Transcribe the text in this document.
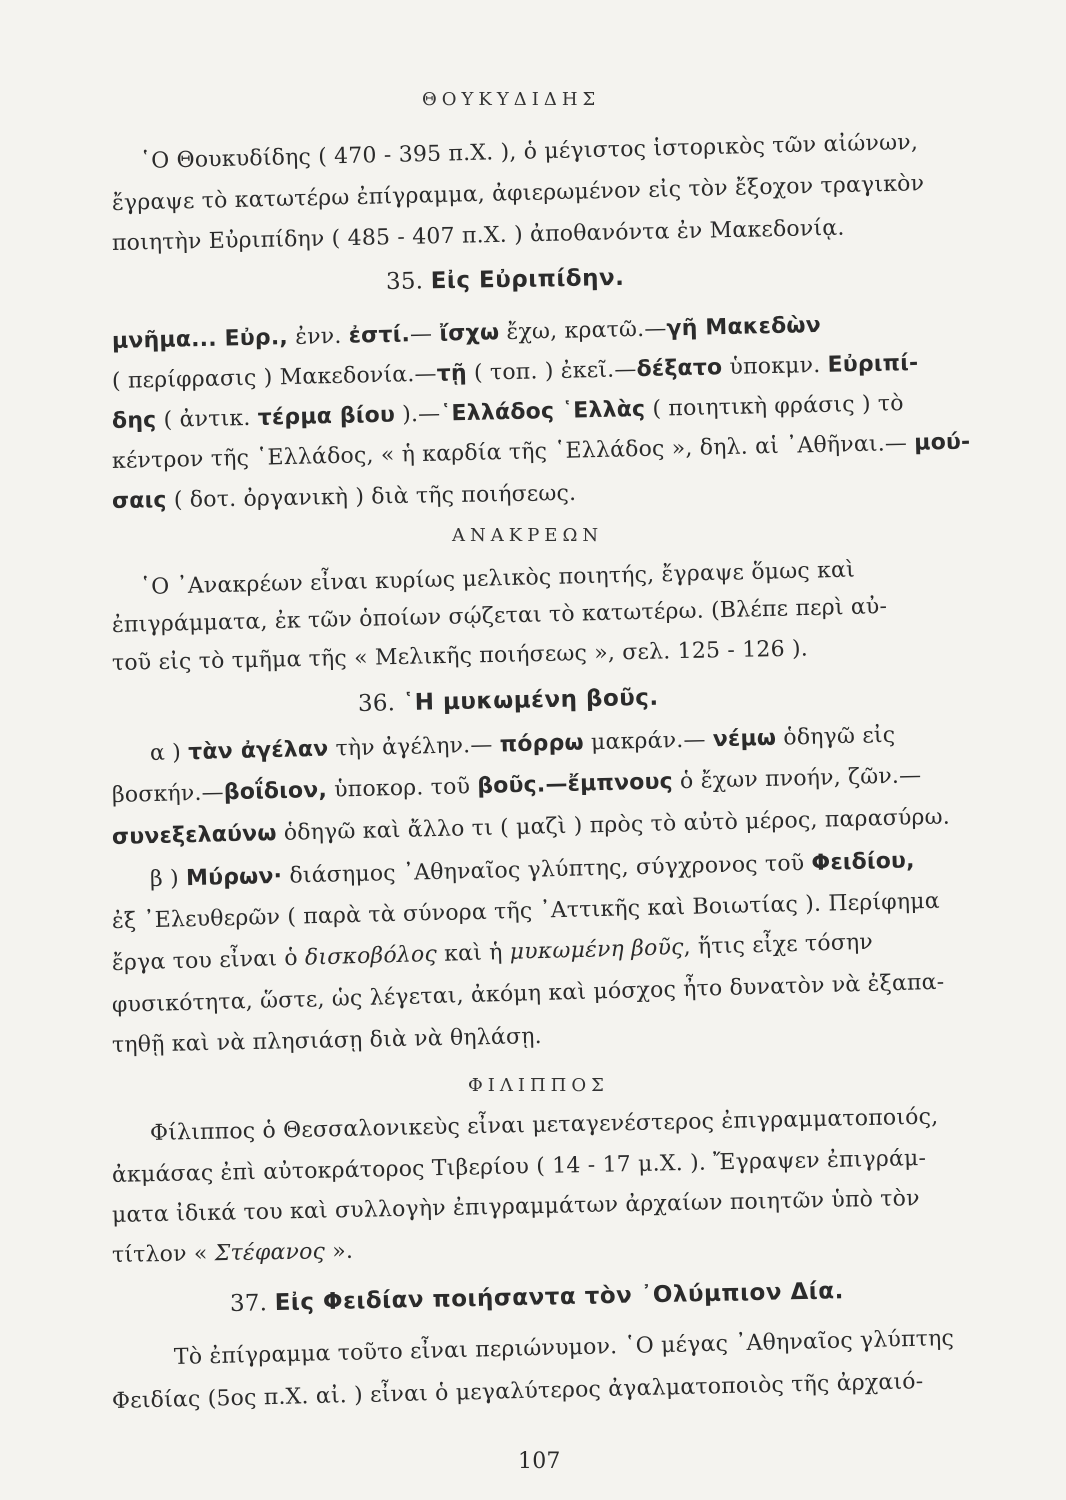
ΘΟΥΚΥΔΙΔΗΣ

῾Ο Θουκυδίδης ( 470 - 395 π.Χ. ), ὁ μέγιστος ἱστορικὸς τῶν αἰώνων,

ἔγραψε τὸ κατωτέρω ἐπίγραμμα, ἀφιερωμένον εἰς τὸν ἔξοχον τραγικὸν

ποιητὴν Εὐριπίδην ( 485 - 407 π.Χ. ) ἀποθανόντα ἐν Μακεδονίᾳ.

35. Εἰς Εὐριπίδην.

μνῆμα... Εὐρ., ἐνν. ἐστί.— ἴσχω ἔχω, κρατῶ.—γῆ Μακεδὼν

( περίφρασις ) Μακεδονία.—τῇ ( τοπ. ) ἐκεῖ.—δέξατο ὑποκμν. Εὐριπί-

δης ( ἀντικ. τέρμα βίου ).—῾Ελλάδος ῾Ελλὰς ( ποιητικὴ φράσις ) τὸ

κέντρον τῆς ῾Ελλάδος, « ἡ καρδία τῆς ῾Ελλάδος », δηλ. αἱ ᾿Αθῆναι.— μού-

σαις ( δοτ. ὀργανικὴ ) διὰ τῆς ποιήσεως.

ΑΝΑΚΡΕΩΝ

῾Ο ᾿Ανακρέων εἶναι κυρίως μελικὸς ποιητής, ἔγραψε ὅμως καὶ

ἐπιγράμματα, ἐκ τῶν ὁποίων σῴζεται τὸ κατωτέρω. (Βλέπε περὶ αὐ-

τοῦ εἰς τὸ τμῆμα τῆς « Μελικῆς ποιήσεως », σελ. 125 - 126 ).

36. ῾Η μυκωμένη βοῦς.

α ) τὰν ἀγέλαν τὴν ἀγέλην.— πόρρω μακράν.— νέμω ὁδηγῶ εἰς

βοσκήν.—βοΐδιον, ὑποκορ. τοῦ βοῦς.—ἔμπνους ὁ ἔχων πνοήν, ζῶν.—

συνεξελαύνω ὁδηγῶ καὶ ἄλλο τι ( μαζὶ ) πρὸς τὸ αὐτὸ μέρος, παρασύρω.

β ) Μύρων· διάσημος ᾿Αθηναῖος γλύπτης, σύγχρονος τοῦ Φειδίου,

ἐξ ᾿Ελευθερῶν ( παρὰ τὰ σύνορα τῆς ᾿Αττικῆς καὶ Βοιωτίας ). Περίφημα

ἔργα του εἶναι ὁ δισκοβόλος καὶ ἡ μυκωμένη βοῦς, ἥτις εἶχε τόσην

φυσικότητα, ὥστε, ὡς λέγεται, ἀκόμη καὶ μόσχος ἦτο δυνατὸν νὰ ἐξαπα-

τηθῇ καὶ νὰ πλησιάσῃ διὰ νὰ θηλάσῃ.

ΦΙΛΙΠΠΟΣ

Φίλιππος ὁ Θεσσαλονικεὺς εἶναι μεταγενέστερος ἐπιγραμματοποιός,

ἀκμάσας ἐπὶ αὐτοκράτορος Τιβερίου ( 14 - 17 μ.Χ. ). Ἔγραψεν ἐπιγράμ-

ματα ἰδικά του καὶ συλλογὴν ἐπιγραμμάτων ἀρχαίων ποιητῶν ὑπὸ τὸν

τίτλον « Στέφανος ».

37. Εἰς Φειδίαν ποιήσαντα τὸν ᾿Ολύμπιον Δία.

Τὸ ἐπίγραμμα τοῦτο εἶναι περιώνυμον. ῾Ο μέγας ᾿Αθηναῖος γλύπτης

Φειδίας (5ος π.Χ. αἰ. ) εἶναι ὁ μεγαλύτερος ἀγαλματοποιὸς τῆς ἀρχαιό-

107
